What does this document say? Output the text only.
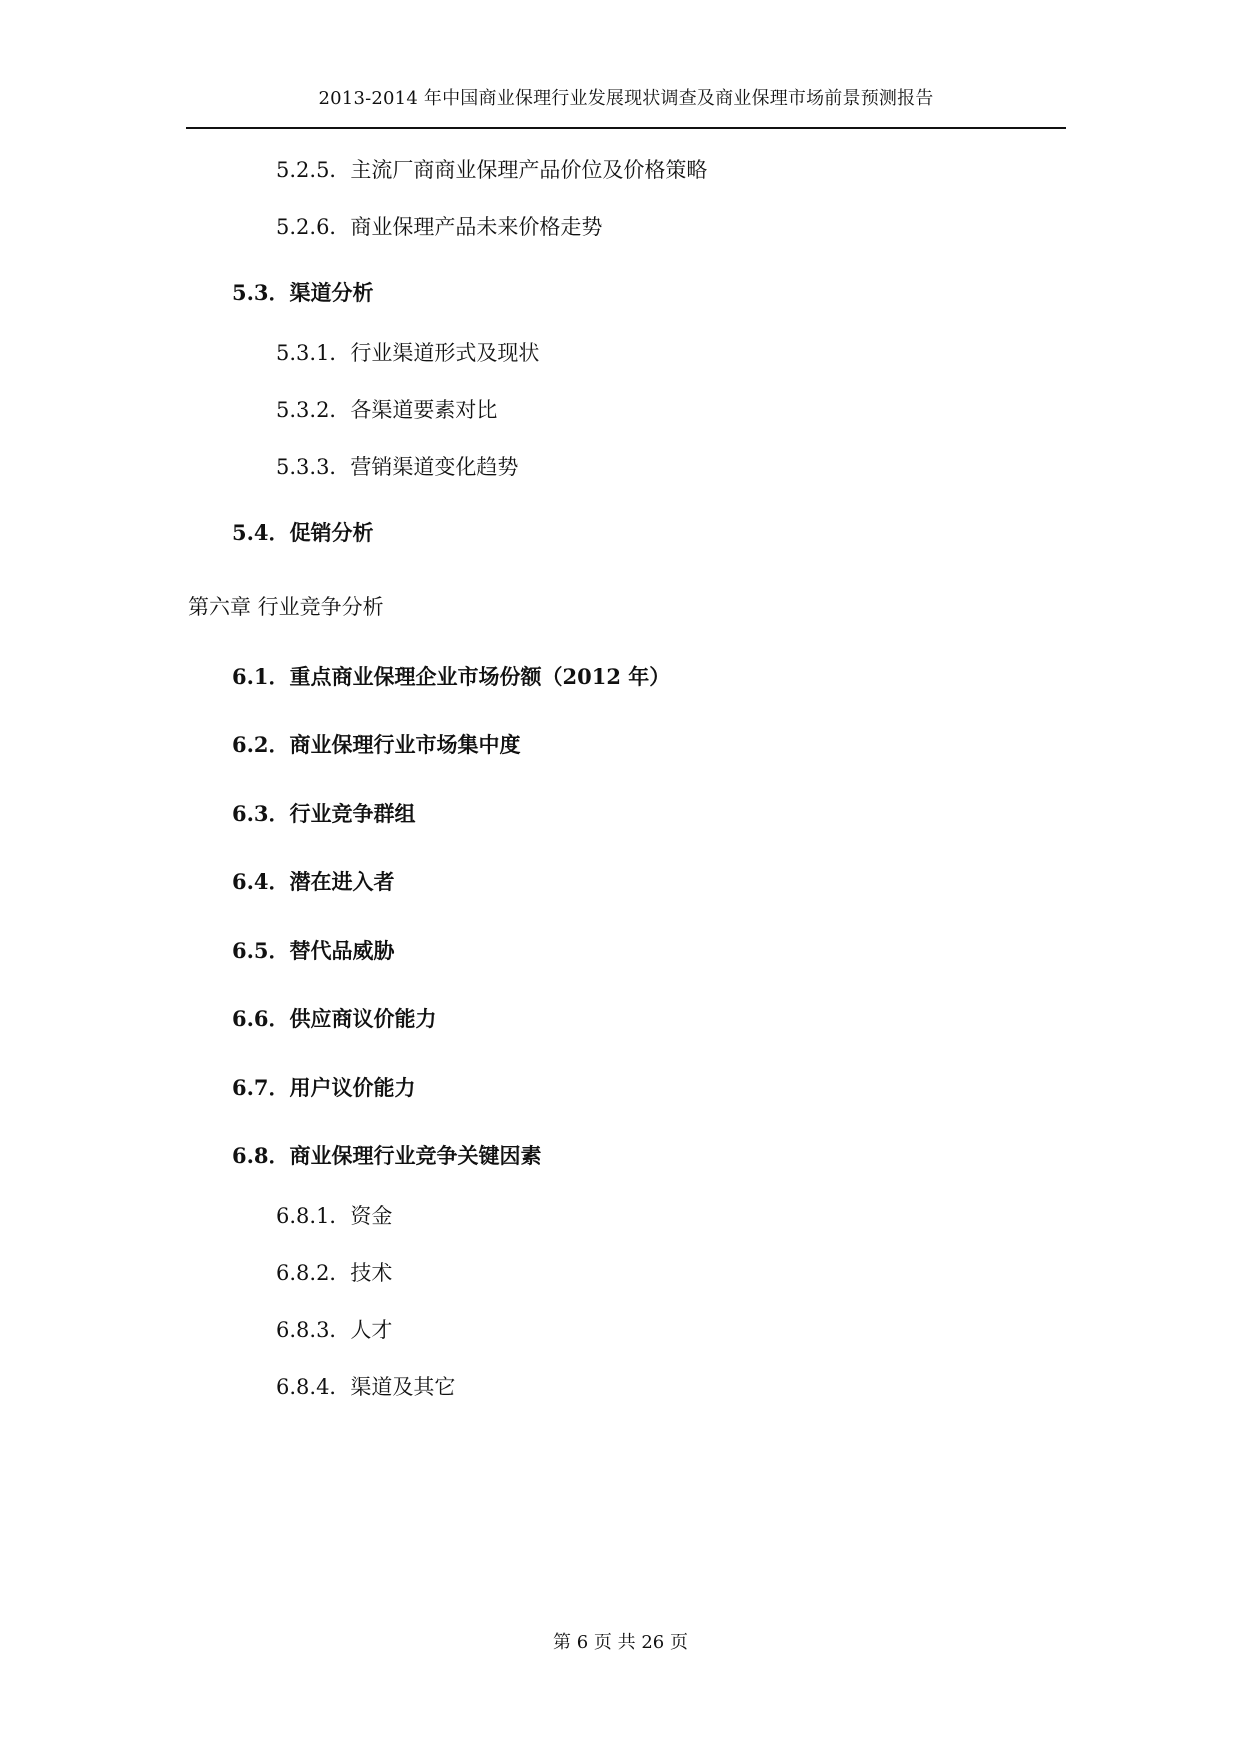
2013-2014 年中国商业保理行业发展现状调查及商业保理市场前景预测报告
5.2.5．主流厂商商业保理产品价位及价格策略
5.2.6．商业保理产品未来价格走势
5.3．渠道分析
5.3.1．行业渠道形式及现状
5.3.2．各渠道要素对比
5.3.3．营销渠道变化趋势
5.4．促销分析
第六章 行业竞争分析
6.1．重点商业保理企业市场份额（2012 年）
6.2．商业保理行业市场集中度
6.3．行业竞争群组
6.4．潜在进入者
6.5．替代品威胁
6.6．供应商议价能力
6.7．用户议价能力
6.8．商业保理行业竞争关键因素
6.8.1．资金
6.8.2．技术
6.8.3．人才
6.8.4．渠道及其它
第 6 页 共 26 页
